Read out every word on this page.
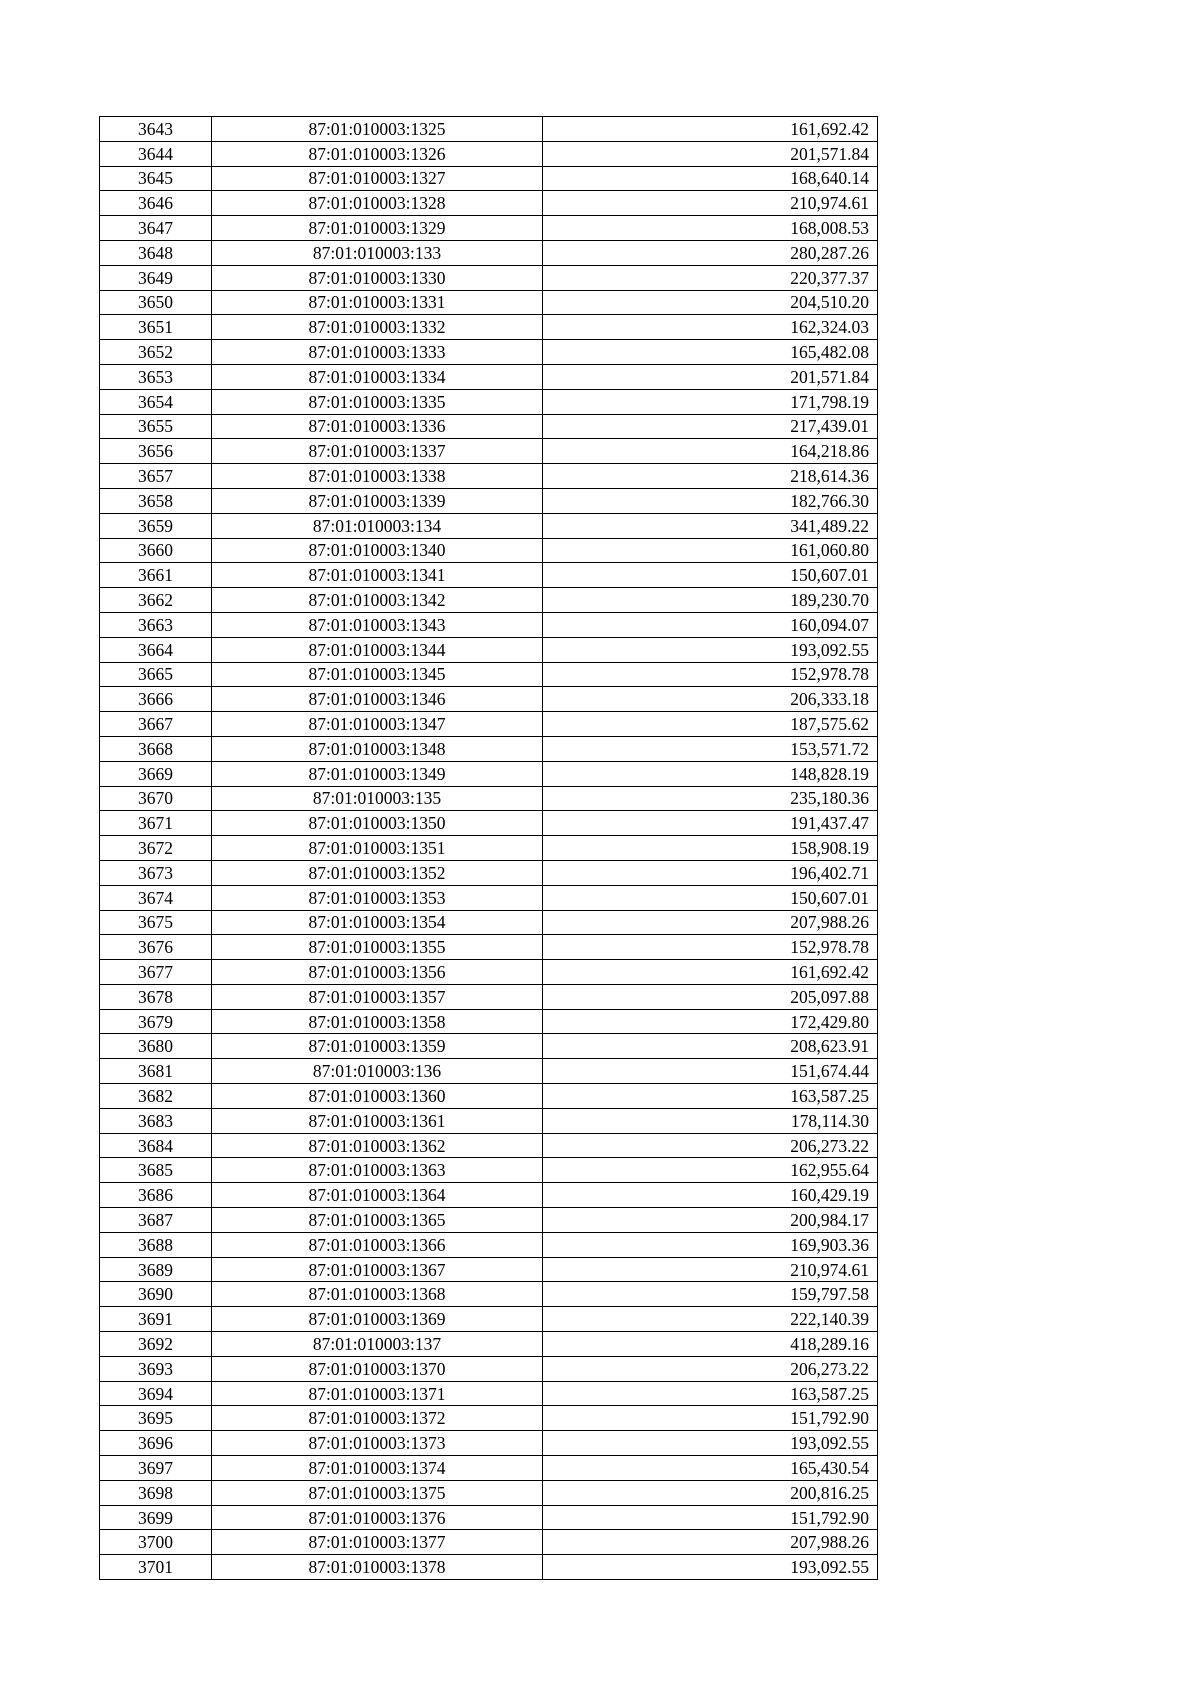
3643	87:01:010003:1325	161,692.42
3644	87:01:010003:1326	201,571.84
3645	87:01:010003:1327	168,640.14
3646	87:01:010003:1328	210,974.61
3647	87:01:010003:1329	168,008.53
3648	87:01:010003:133	280,287.26
3649	87:01:010003:1330	220,377.37
3650	87:01:010003:1331	204,510.20
3651	87:01:010003:1332	162,324.03
3652	87:01:010003:1333	165,482.08
3653	87:01:010003:1334	201,571.84
3654	87:01:010003:1335	171,798.19
3655	87:01:010003:1336	217,439.01
3656	87:01:010003:1337	164,218.86
3657	87:01:010003:1338	218,614.36
3658	87:01:010003:1339	182,766.30
3659	87:01:010003:134	341,489.22
3660	87:01:010003:1340	161,060.80
3661	87:01:010003:1341	150,607.01
3662	87:01:010003:1342	189,230.70
3663	87:01:010003:1343	160,094.07
3664	87:01:010003:1344	193,092.55
3665	87:01:010003:1345	152,978.78
3666	87:01:010003:1346	206,333.18
3667	87:01:010003:1347	187,575.62
3668	87:01:010003:1348	153,571.72
3669	87:01:010003:1349	148,828.19
3670	87:01:010003:135	235,180.36
3671	87:01:010003:1350	191,437.47
3672	87:01:010003:1351	158,908.19
3673	87:01:010003:1352	196,402.71
3674	87:01:010003:1353	150,607.01
3675	87:01:010003:1354	207,988.26
3676	87:01:010003:1355	152,978.78
3677	87:01:010003:1356	161,692.42
3678	87:01:010003:1357	205,097.88
3679	87:01:010003:1358	172,429.80
3680	87:01:010003:1359	208,623.91
3681	87:01:010003:136	151,674.44
3682	87:01:010003:1360	163,587.25
3683	87:01:010003:1361	178,114.30
3684	87:01:010003:1362	206,273.22
3685	87:01:010003:1363	162,955.64
3686	87:01:010003:1364	160,429.19
3687	87:01:010003:1365	200,984.17
3688	87:01:010003:1366	169,903.36
3689	87:01:010003:1367	210,974.61
3690	87:01:010003:1368	159,797.58
3691	87:01:010003:1369	222,140.39
3692	87:01:010003:137	418,289.16
3693	87:01:010003:1370	206,273.22
3694	87:01:010003:1371	163,587.25
3695	87:01:010003:1372	151,792.90
3696	87:01:010003:1373	193,092.55
3697	87:01:010003:1374	165,430.54
3698	87:01:010003:1375	200,816.25
3699	87:01:010003:1376	151,792.90
3700	87:01:010003:1377	207,988.26
3701	87:01:010003:1378	193,092.55
